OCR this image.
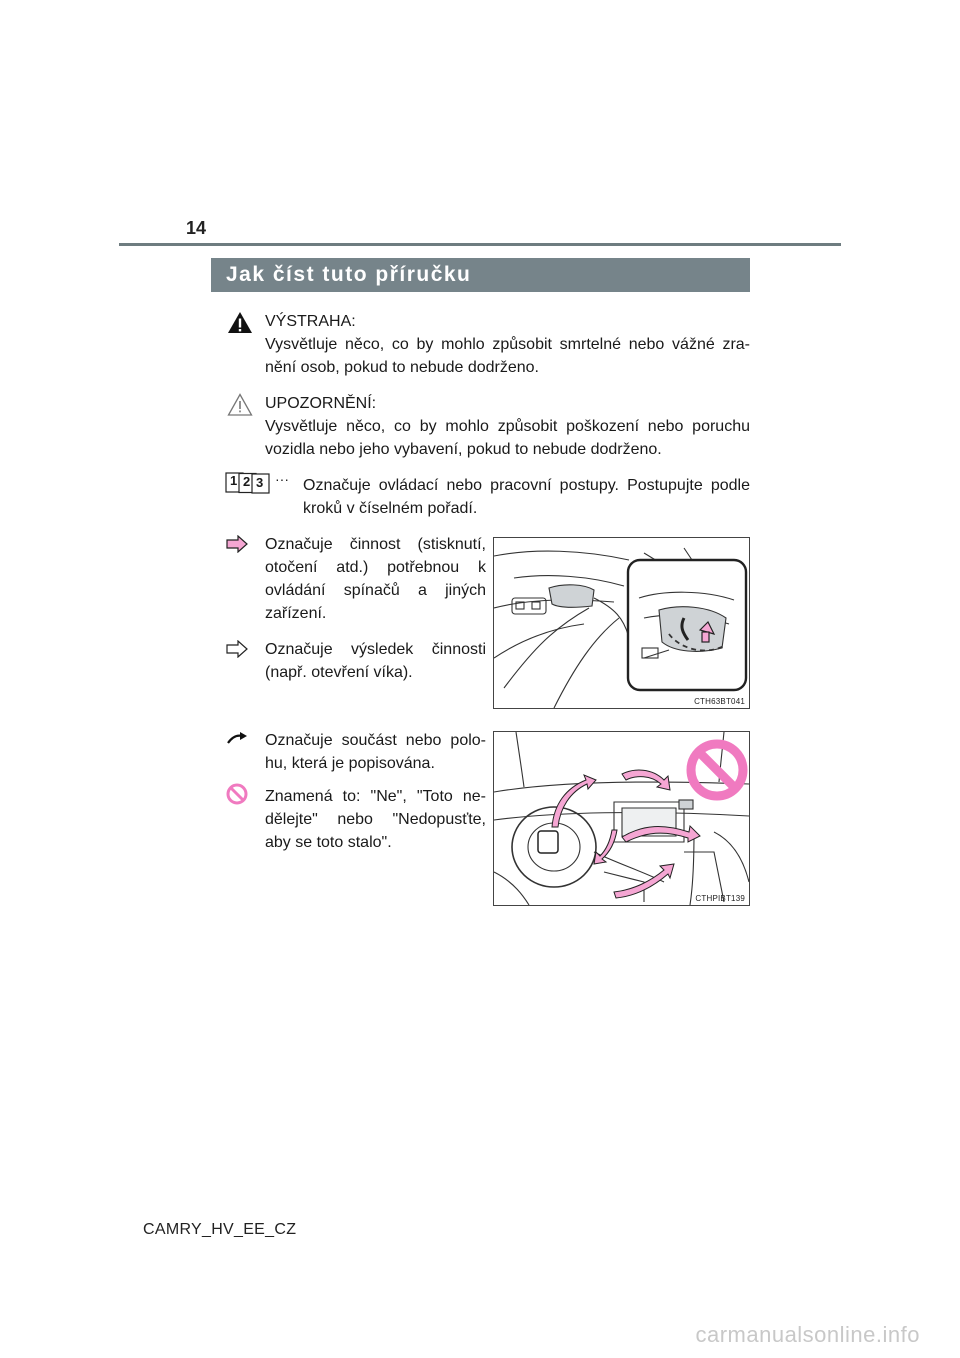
14
Jak číst tuto příručku
VÝSTRAHA:
Vysvětluje něco, co by mohlo způsobit smrtelné nebo vážné zra-nění osob, pokud to nebude dodrženo.
UPOZORNĚNÍ:
Vysvětluje něco, co by mohlo způsobit poškození nebo poruchu vozidla nebo jeho vybavení, pokud to nebude dodrženo.
1 2 3 ··· Označuje ovládací nebo pracovní postupy. Postupujte podle kroků v číselném pořadí.
Označuje činnost (stisknutí, otočení atd.) potřebnou k ovládání spínačů a jiných zařízení.
Označuje výsledek činnosti (např. otevření víka).
CTH63BT041
Označuje součást nebo polo-hu, která je popisována.
Znamená to: "Ne", "Toto ne-dělejte" nebo "Nedopusťte, aby se toto stalo".
CTHPIBT139
CAMRY_HV_EE_CZ
carmanualsonline.info
